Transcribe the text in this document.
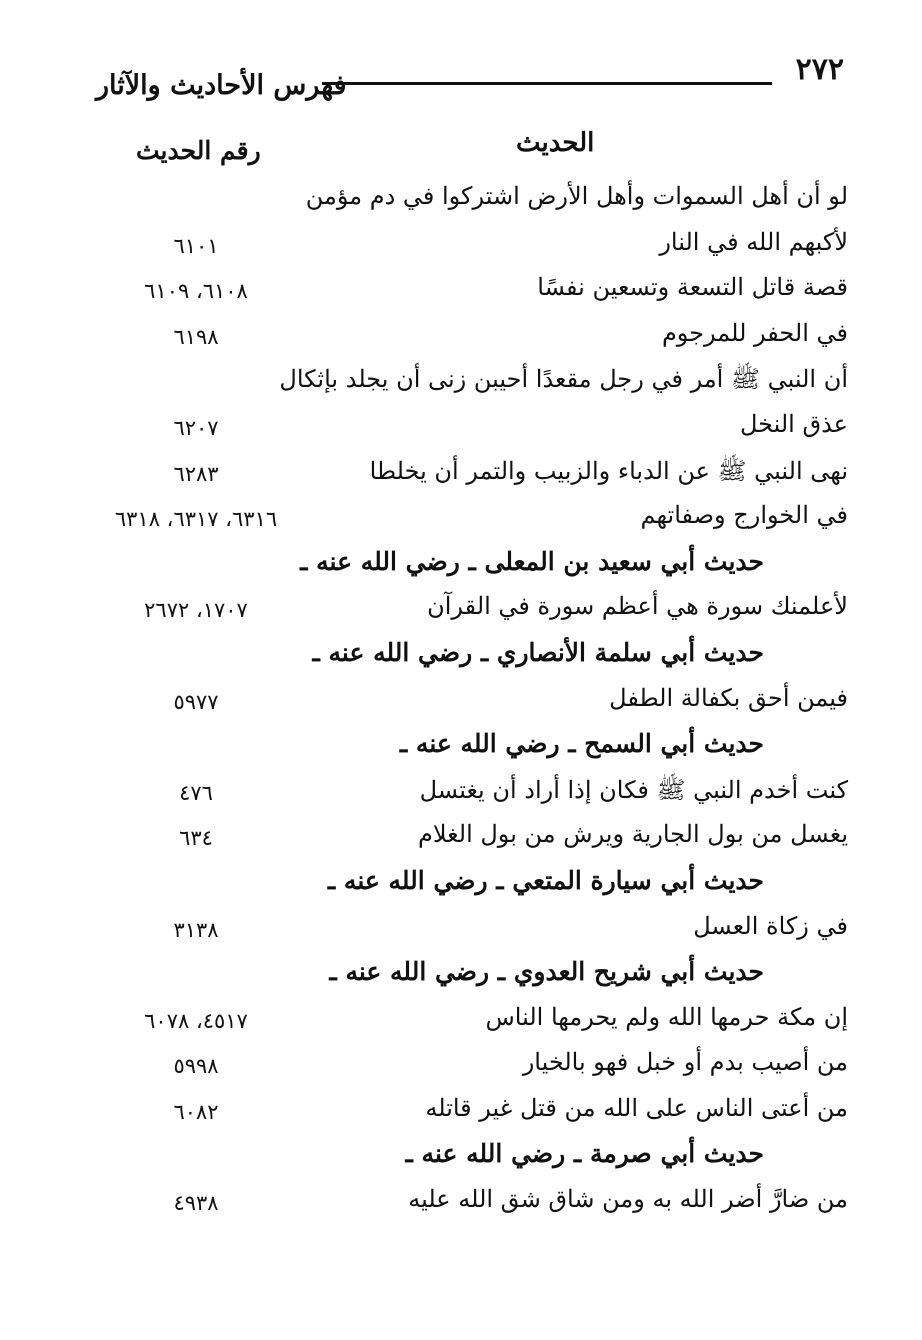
فهرس الأحاديث والآثار	٢٧٢
رقم الحديث	الحديث
لو أن أهل السموات وأهل الأرض اشتركوا في دم مؤمن
لأكبهم الله في النار
٦١٠١
قصة قاتل التسعة وتسعين نفسًا
٦١٠٨، ٦١٠٩
في الحفر للمرجوم
٦١٩٨
أن النبي ﷺ أمر في رجل مقعدًا أحيبن زنى أن يجلد بإثكال
عذق النخل
٦٢٠٧
نهى النبي ﷺ عن الدباء والزبيب والتمر أن يخلطا
٦٢٨٣
في الخوارج وصفاتهم
٦٣١٦، ٦٣١٧، ٦٣١٨
حديث أبي سعيد بن المعلى ـ رضي الله عنه ـ
لأعلمنك سورة هي أعظم سورة في القرآن
١٧٠٧، ٢٦٧٢
حديث أبي سلمة الأنصاري ـ رضي الله عنه ـ
فيمن أحق بكفالة الطفل
٥٩٧٧
حديث أبي السمح ـ رضي الله عنه ـ
كنت أخدم النبي ﷺ فكان إذا أراد أن يغتسل
٤٧٦
يغسل من بول الجارية ويرش من بول الغلام
٦٣٤
حديث أبي سيارة المتعي ـ رضي الله عنه ـ
في زكاة العسل
٣١٣٨
حديث أبي شريح العدوي ـ رضي الله عنه ـ
إن مكة حرمها الله ولم يحرمها الناس
٤٥١٧، ٦٠٧٨
من أصيب بدم أو خبل فهو بالخيار
٥٩٩٨
من أعتى الناس على الله من قتل غير قاتله
٦٠٨٢
حديث أبي صرمة ـ رضي الله عنه ـ
من ضارَّ أضر الله به ومن شاق شق الله عليه
٤٩٣٨
